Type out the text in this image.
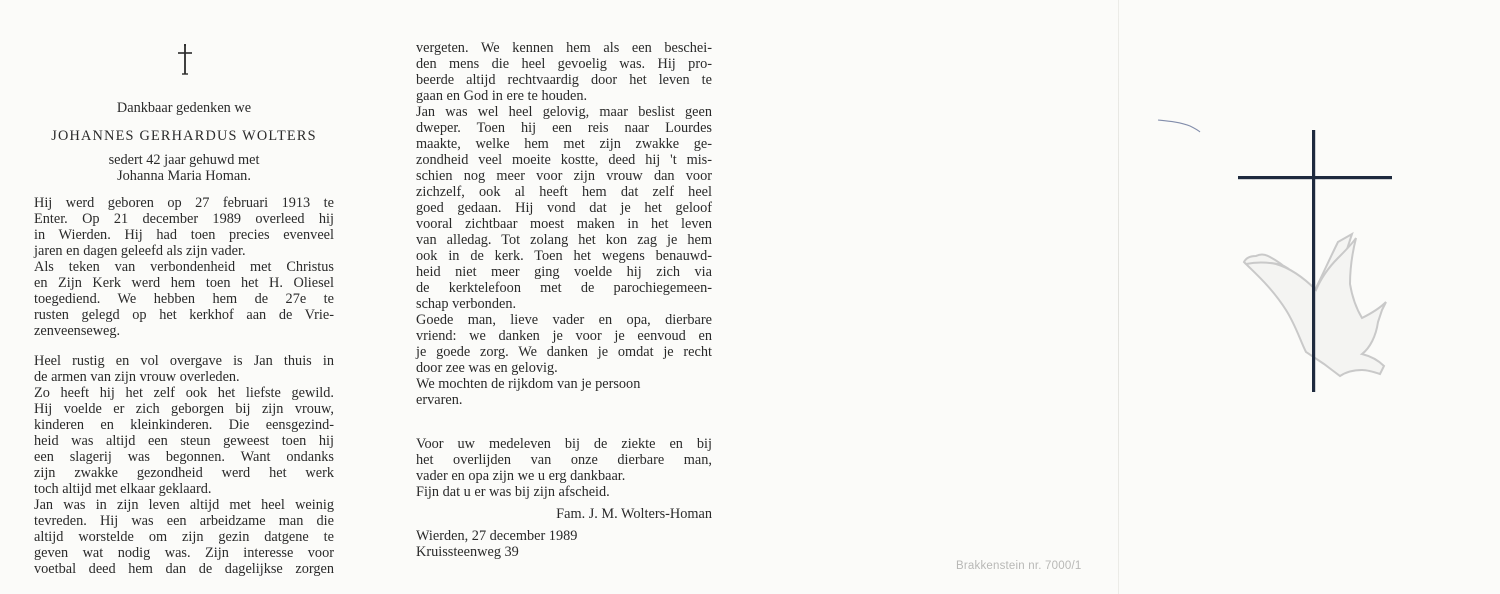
Dankbaar gedenken we
JOHANNES GERHARDUS WOLTERS
sedert 42 jaar gehuwd met
Johanna Maria Homan.
Hij werd geboren op 27 februari 1913 te
Enter. Op 21 december 1989 overleed hij
in Wierden. Hij had toen precies evenveel
jaren en dagen geleefd als zijn vader.
Als teken van verbondenheid met Christus
en Zijn Kerk werd hem toen het H. Oliesel
toegediend. We hebben hem de 27e te
rusten gelegd op het kerkhof aan de Vrie-
zenveenseweg.
Heel rustig en vol overgave is Jan thuis in
de armen van zijn vrouw overleden.
Zo heeft hij het zelf ook het liefste gewild.
Hij voelde er zich geborgen bij zijn vrouw,
kinderen en kleinkinderen. Die eensgezind-
heid was altijd een steun geweest toen hij
een slagerij was begonnen. Want ondanks
zijn zwakke gezondheid werd het werk
toch altijd met elkaar geklaard.
Jan was in zijn leven altijd met heel weinig
tevreden. Hij was een arbeidzame man die
altijd worstelde om zijn gezin datgene te
geven wat nodig was. Zijn interesse voor
voetbal deed hem dan de dagelijkse zorgen
vergeten. We kennen hem als een beschei-
den mens die heel gevoelig was. Hij pro-
beerde altijd rechtvaardig door het leven te
gaan en God in ere te houden.
Jan was wel heel gelovig, maar beslist geen
dweper. Toen hij een reis naar Lourdes
maakte, welke hem met zijn zwakke ge-
zondheid veel moeite kostte, deed hij 't mis-
schien nog meer voor zijn vrouw dan voor
zichzelf, ook al heeft hem dat zelf heel
goed gedaan. Hij vond dat je het geloof
vooral zichtbaar moest maken in het leven
van alledag. Tot zolang het kon zag je hem
ook in de kerk. Toen het wegens benauwd-
heid niet meer ging voelde hij zich via
de kerktelefoon met de parochiegemeen-
schap verbonden.
Goede man, lieve vader en opa, dierbare
vriend: we danken je voor je eenvoud en
je goede zorg. We danken je omdat je recht
door zee was en gelovig.
We mochten de rijkdom van je persoon
ervaren.
Voor uw medeleven bij de ziekte en bij
het overlijden van onze dierbare man,
vader en opa zijn we u erg dankbaar.
Fijn dat u er was bij zijn afscheid.
Fam. J. M. Wolters-Homan
Wierden, 27 december 1989
Kruissteenweg 39
Brakkenstein nr. 7000/1
